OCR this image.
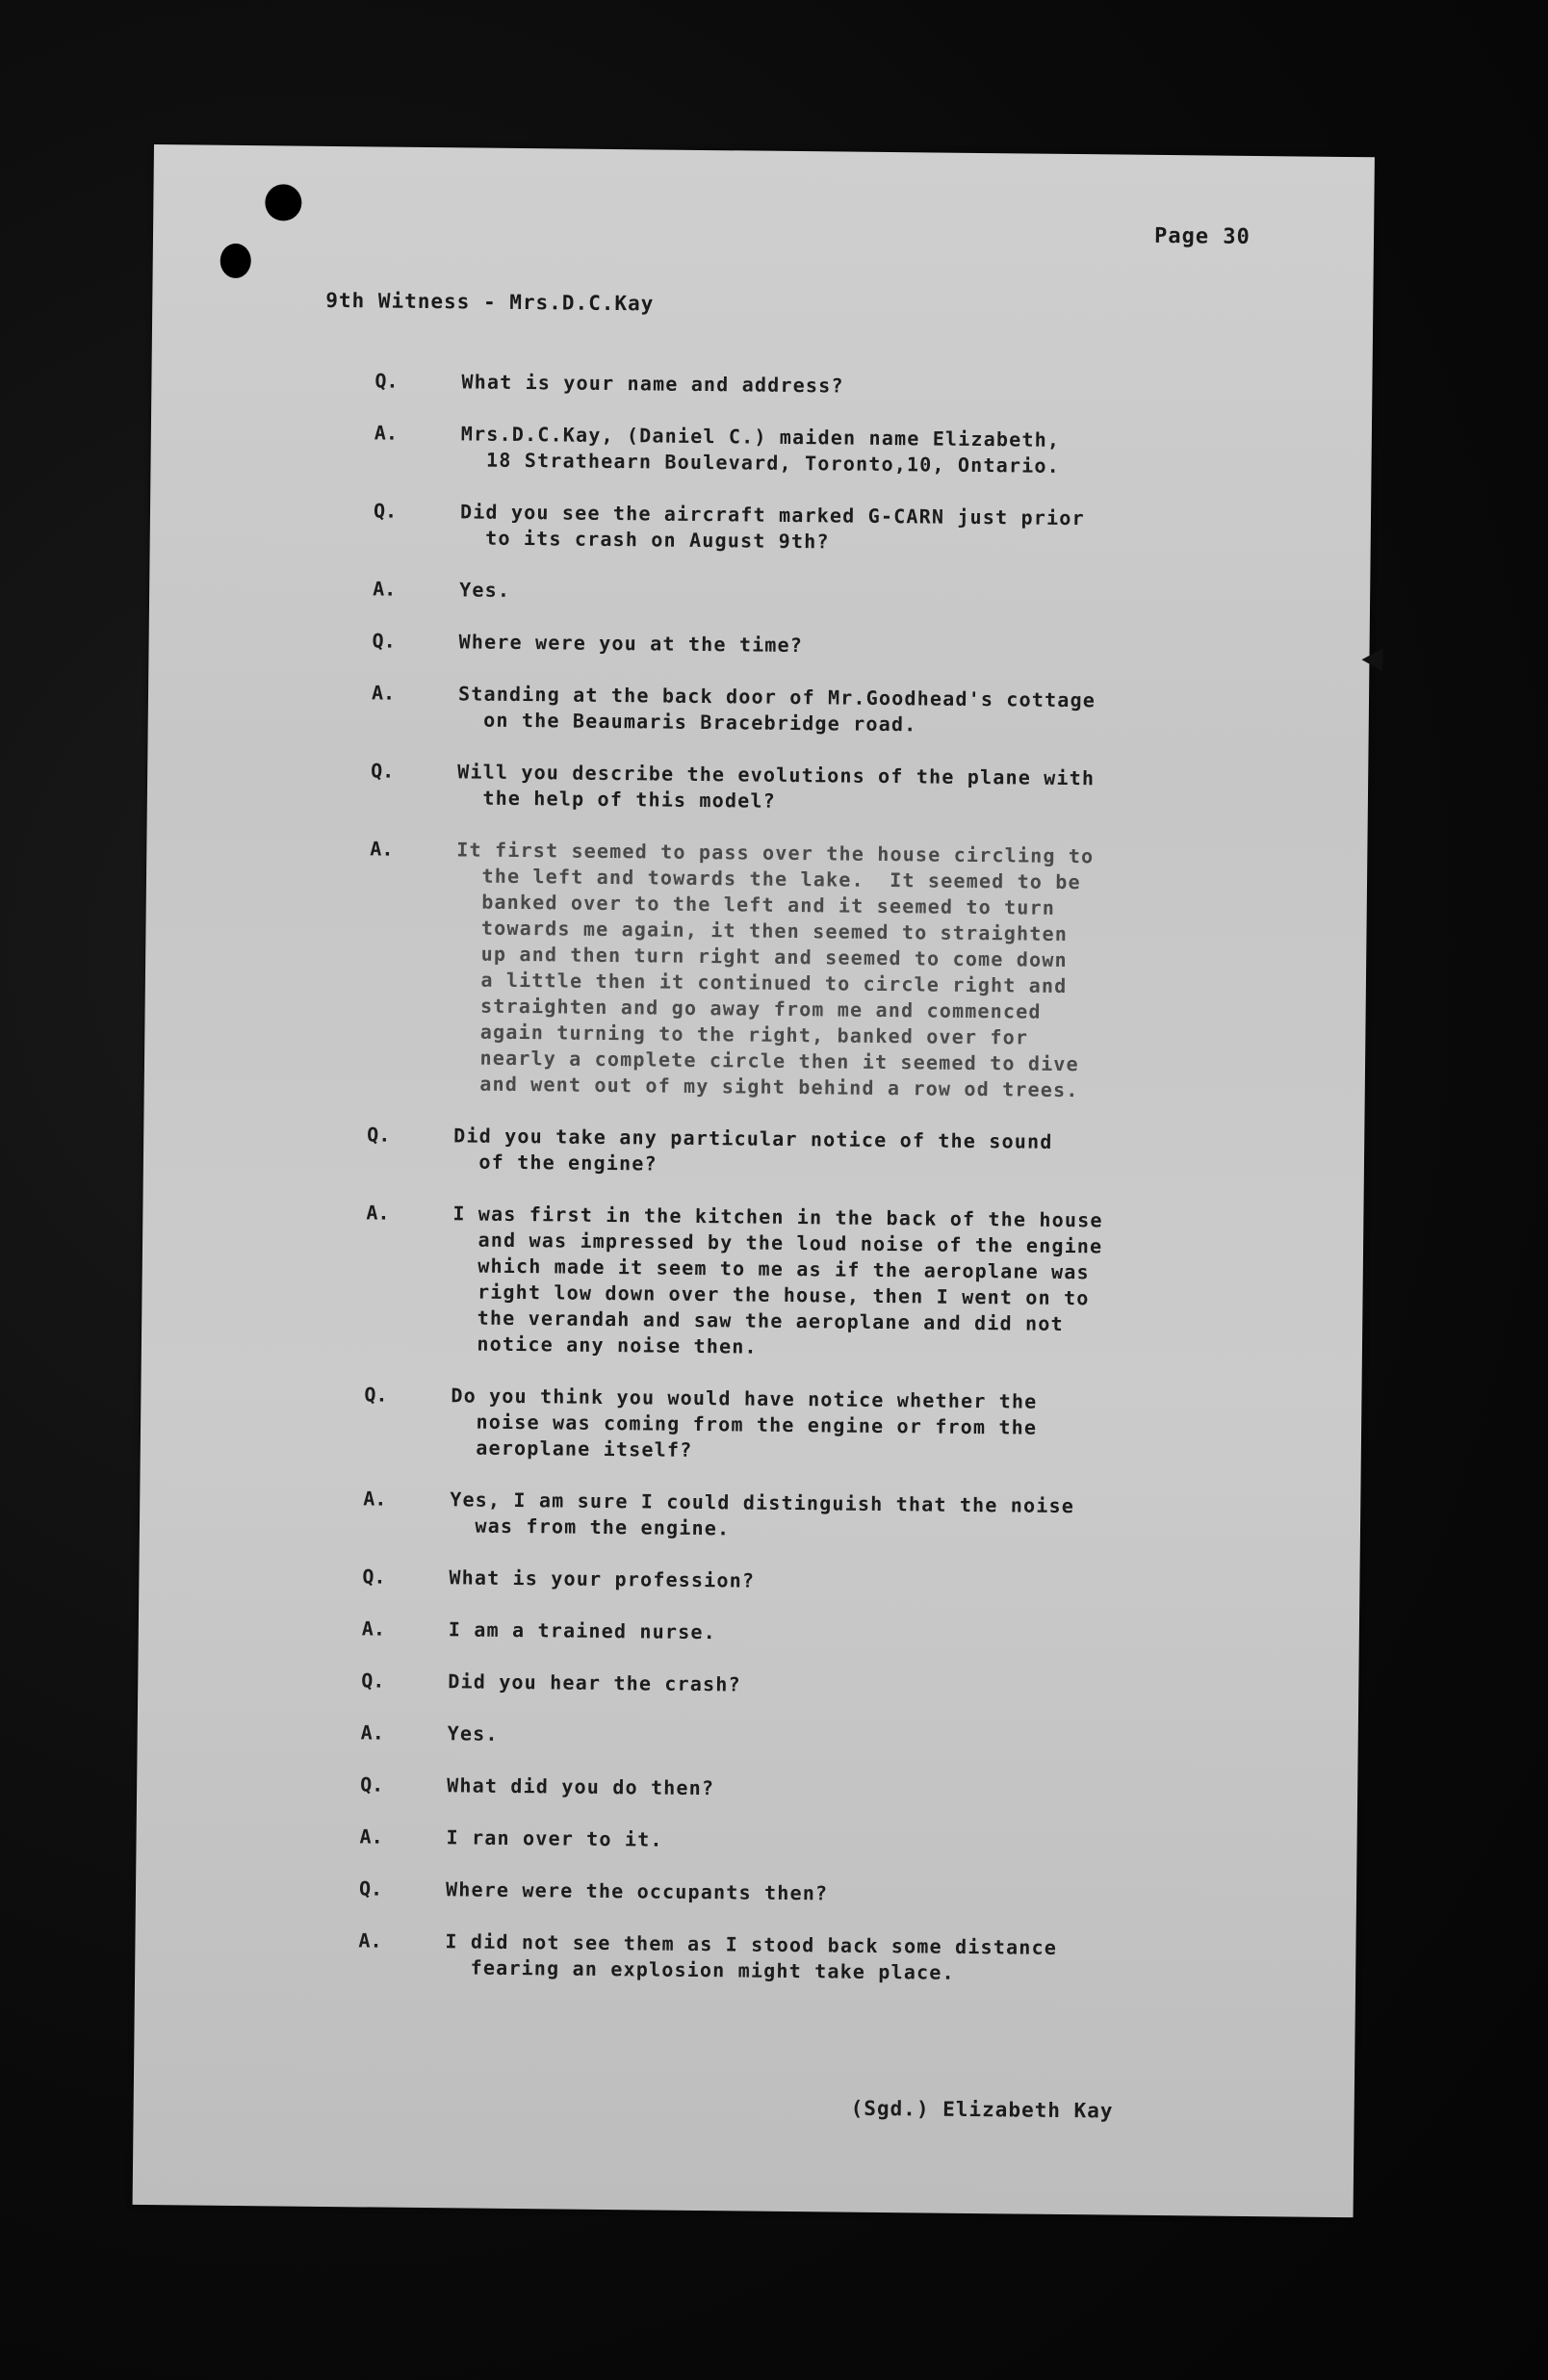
Page 30
9th Witness - Mrs.D.C.Kay
Q.	What is your name and address?
A.	Mrs.D.C.Kay, (Daniel C.) maiden name Elizabeth,
18 Strathearn Boulevard, Toronto,10, Ontario.
Q.	Did you see the aircraft marked G-CARN just prior
to its crash on August 9th?
A.	Yes.
Q.	Where were you at the time?
A.	Standing at the back door of Mr.Goodhead's cottage
on the Beaumaris Bracebridge road.
Q.	Will you describe the evolutions of the plane with
the help of this model?
A.	It first seemed to pass over the house circling to
the left and towards the lake.  It seemed to be
banked over to the left and it seemed to turn
towards me again, it then seemed to straighten
up and then turn right and seemed to come down
a little then it continued to circle right and
straighten and go away from me and commenced
again turning to the right, banked over for
nearly a complete circle then it seemed to dive
and went out of my sight behind a row od trees.
Q.	Did you take any particular notice of the sound
of the engine?
A.	I was first in the kitchen in the back of the house
and was impressed by the loud noise of the engine
which made it seem to me as if the aeroplane was
right low down over the house, then I went on to
the verandah and saw the aeroplane and did not
notice any noise then.
Q.	Do you think you would have notice whether the
noise was coming from the engine or from the
aeroplane itself?
A.	Yes, I am sure I could distinguish that the noise
was from the engine.
Q.	What is your profession?
A.	I am a trained nurse.
Q.	Did you hear the crash?
A.	Yes.
Q.	What did you do then?
A.	I ran over to it.
Q.	Where were the occupants then?
A.	I did not see them as I stood back some distance
fearing an explosion might take place.
(Sgd.) Elizabeth Kay
